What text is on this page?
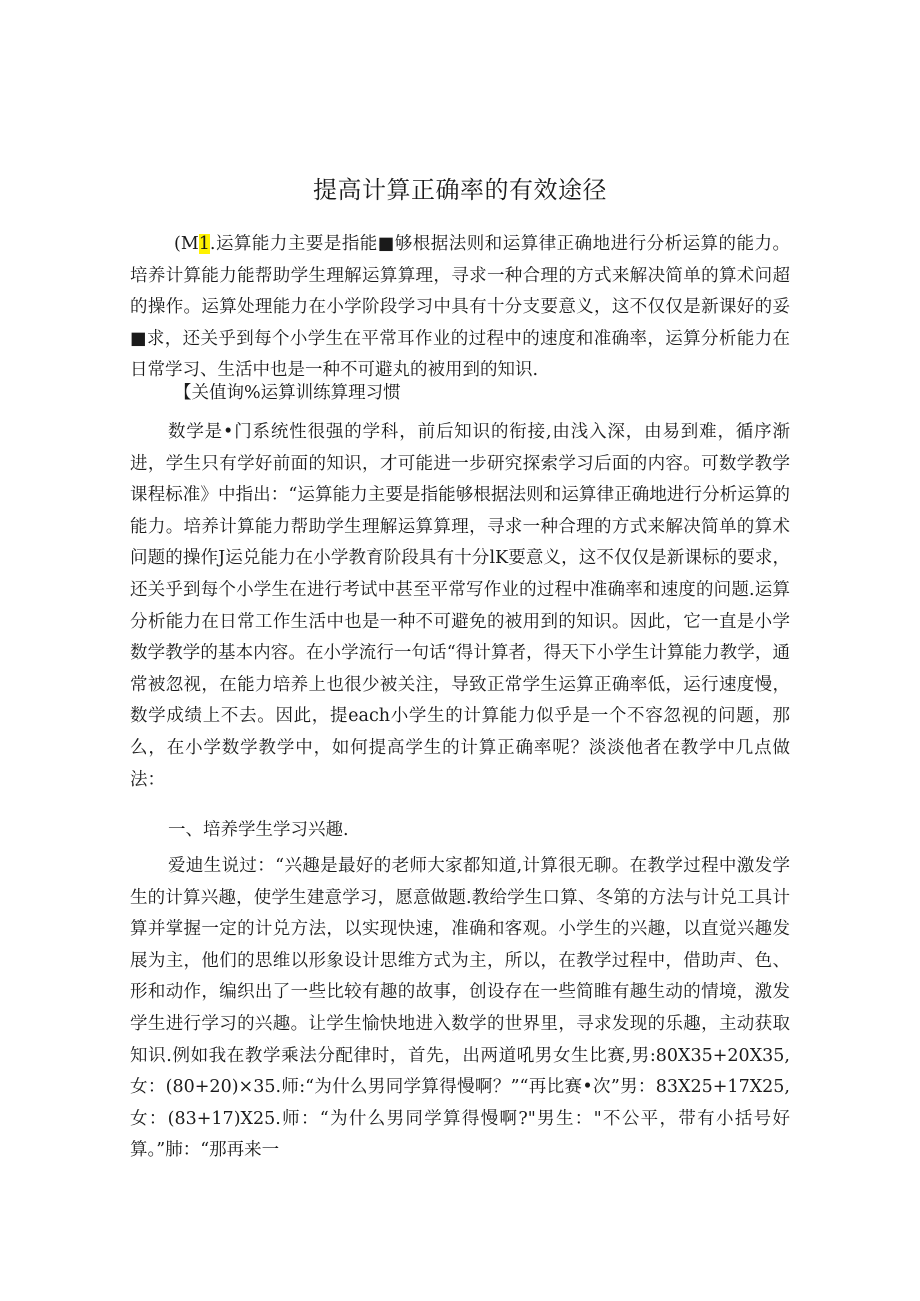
提高计算正确率的有效途径

(M1.运算能力主要是指能■够根据法则和运算律正确地进行分析运算的能力。培养计算能力能帮助学生理解运算算理，寻求一种合理的方式来解决简单的算术问超的操作。运算处理能力在小学阶段学习中具有十分支要意义，这不仅仅是新课好的妥■求，还关乎到每个小学生在平常耳作业的过程中的速度和准确率，运算分析能力在日常学习、生活中也是一种不可避丸的被用到的知识.

【关值询%运算训练算理习惯

数学是•门系统性很强的学科，前后知识的衔接,由浅入深，由易到难，循序渐进，学生只有学好前面的知识，才可能进一步研究探索学习后面的内容。可数学教学课程标准》中指出：“运算能力主要是指能够根据法则和运算律正确地进行分析运算的能力。培养计算能力帮助学生理解运算算理，寻求一种合理的方式来解决简单的算术问题的操作J运兑能力在小学教育阶段具有十分lK要意义，这不仅仅是新课标的要求，还关乎到每个小学生在进行考试中甚至平常写作业的过程中准确率和速度的问题.运算分析能力在日常工作生活中也是一种不可避免的被用到的知识。因此，它一直是小学数学教学的基本内容。在小学流行一句话“得计算者，得天下小学生计算能力教学，通常被忽视，在能力培养上也很少被关注，导致正常学生运算正确率低，运行速度慢，数学成绩上不去。因此，提each小学生的计算能力似乎是一个不容忽视的问题，那么，在小学数学教学中，如何提高学生的计算正确率呢？淡淡他者在教学中几点做法：

一、培养学生学习兴趣.

爱迪生说过：“兴趣是最好的老师大家都知道,计算很无聊。在教学过程中激发学生的计算兴趣，使学生建意学习，愿意做题.教给学生口算、冬第的方法与计兑工具计算并掌握一定的计兑方法，以实现快速，准确和客观。小学生的兴趣，以直觉兴趣发展为主，他们的思维以形象设计思维方式为主，所以，在教学过程中，借助声、色、形和动作，编织出了一些比较有趣的故事，创设存在一些简睢有趣生动的情境，激发学生进行学习的兴趣。让学生愉快地进入数学的世界里，寻求发现的乐趣，主动获取知识.例如我在教学乘法分配律时，首先，出两道吼男女生比赛,男:80X35+20X35,女：(80+20)×35.师:“为什么男同学算得慢啊？”“再比赛•次”男：83X25+17X25,女：(83+17)X25.师：“为什么男同学算得慢啊?"男生："不公平，带有小括号好算。”肺：“那再来一
